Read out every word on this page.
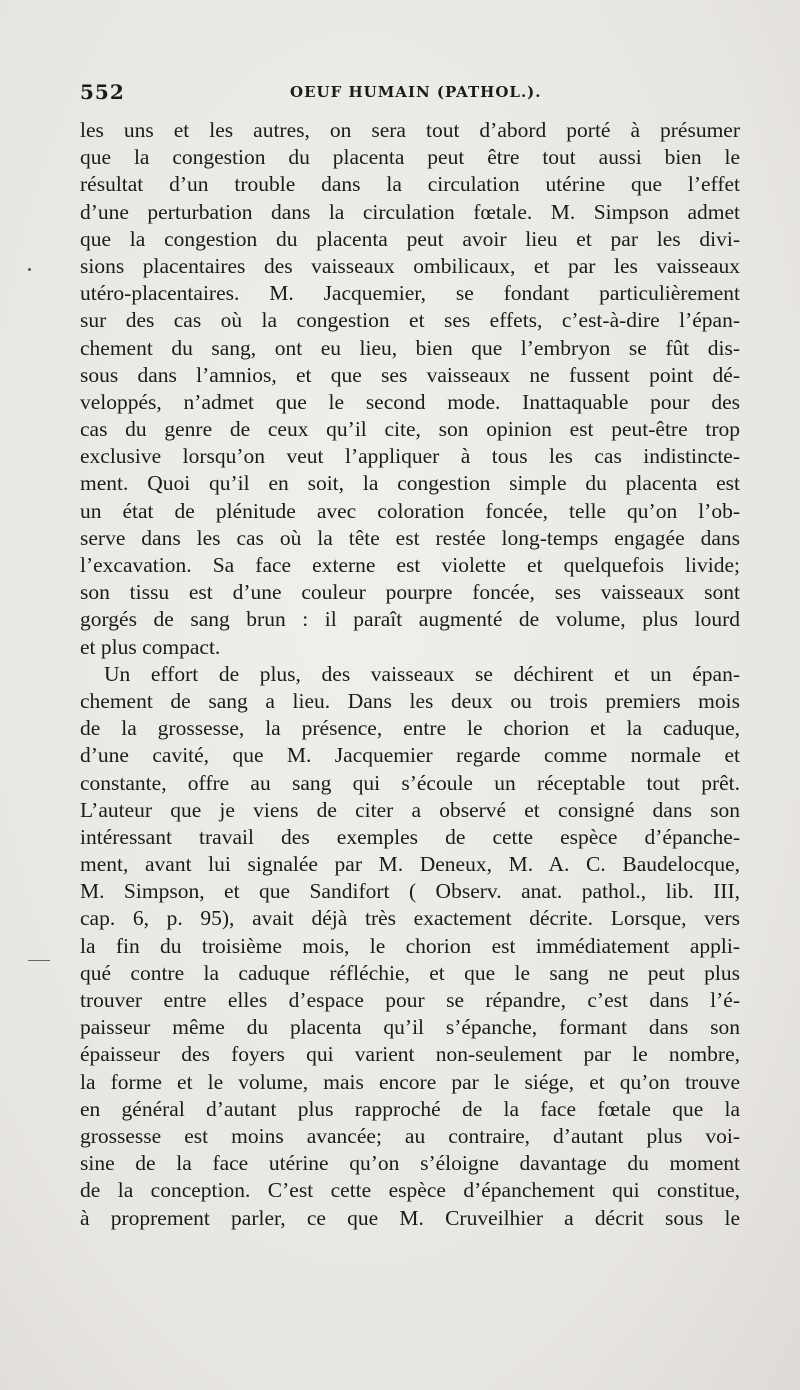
552	OEUF HUMAIN (PATHOL.).
les uns et les autres, on sera tout d’abord porté à présumer
que la congestion du placenta peut être tout aussi bien le
résultat d’un trouble dans la circulation utérine que l’effet
d’une perturbation dans la circulation fœtale. M. Simpson admet
que la congestion du placenta peut avoir lieu et par les divi-
sions placentaires des vaisseaux ombilicaux, et par les vaisseaux
utéro-placentaires. M. Jacquemier, se fondant particulièrement
sur des cas où la congestion et ses effets, c’est-à-dire l’épan-
chement du sang, ont eu lieu, bien que l’embryon se fût dis-
sous dans l’amnios, et que ses vaisseaux ne fussent point dé-
veloppés, n’admet que le second mode. Inattaquable pour des
cas du genre de ceux qu’il cite, son opinion est peut-être trop
exclusive lorsqu’on veut l’appliquer à tous les cas indistincte-
ment. Quoi qu’il en soit, la congestion simple du placenta est
un état de plénitude avec coloration foncée, telle qu’on l’ob-
serve dans les cas où la tête est restée long-temps engagée dans
l’excavation. Sa face externe est violette et quelquefois livide;
son tissu est d’une couleur pourpre foncée, ses vaisseaux sont
gorgés de sang brun : il paraît augmenté de volume, plus lourd
et plus compact.
Un effort de plus, des vaisseaux se déchirent et un épan-
chement de sang a lieu. Dans les deux ou trois premiers mois
de la grossesse, la présence, entre le chorion et la caduque,
d’une cavité, que M. Jacquemier regarde comme normale et
constante, offre au sang qui s’écoule un réceptable tout prêt.
L’auteur que je viens de citer a observé et consigné dans son
intéressant travail des exemples de cette espèce d’épanche-
ment, avant lui signalée par M. Deneux, M. A. C. Baudelocque,
M. Simpson, et que Sandifort ( Observ. anat. pathol., lib. III,
cap. 6, p. 95), avait déjà très exactement décrite. Lorsque, vers
la fin du troisième mois, le chorion est immédiatement appli-
qué contre la caduque réfléchie, et que le sang ne peut plus
trouver entre elles d’espace pour se répandre, c’est dans l’é-
paisseur même du placenta qu’il s’épanche, formant dans son
épaisseur des foyers qui varient non-seulement par le nombre,
la forme et le volume, mais encore par le siége, et qu’on trouve
en général d’autant plus rapproché de la face fœtale que la
grossesse est moins avancée; au contraire, d’autant plus voi-
sine de la face utérine qu’on s’éloigne davantage du moment
de la conception. C’est cette espèce d’épanchement qui constitue,
à proprement parler, ce que M. Cruveilhier a décrit sous le
